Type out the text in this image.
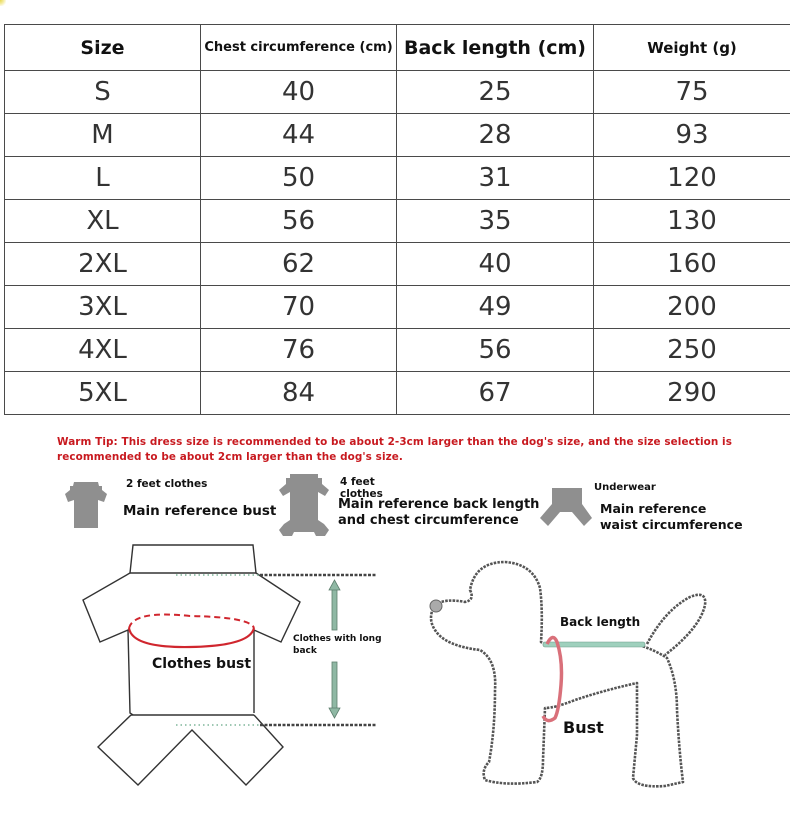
Size	Chest circumference (cm)	Back length (cm)	Weight (g)
S	40	25	75
M	44	28	93
L	50	31	120
XL	56	35	130
2XL	62	40	160
3XL	70	49	200
4XL	76	56	250
5XL	84	67	290
Warm Tip: This dress size is recommended to be about 2-3cm larger than the dog's size, and the size selection is
recommended to be about 2cm larger than the dog's size.
2 feet clothes
Main reference bust
4 feet
clothes
Main reference back length
and chest circumference
Underwear
Main reference
waist circumference
Clothes bust
Clothes with long
back
Back length
Bust
